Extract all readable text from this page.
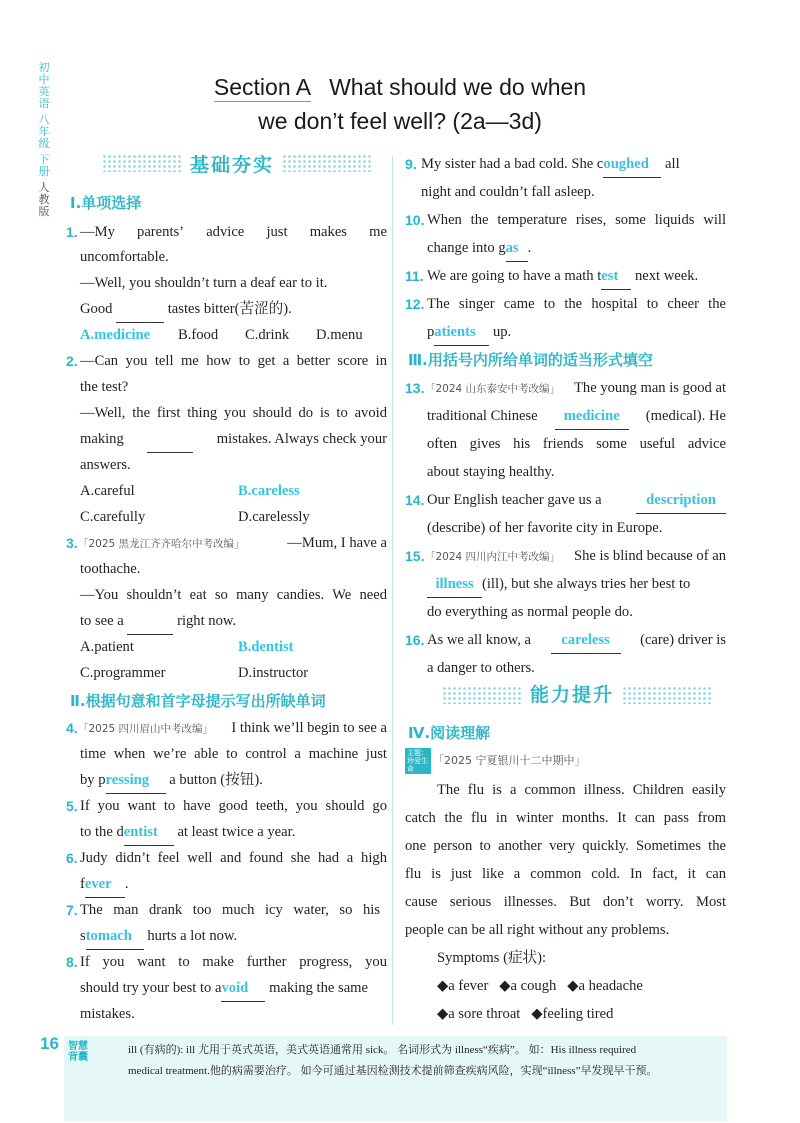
初中英语
八年级
下册
人教版
Section A What should we do when
we don’t feel well? (2a—3d)
基础夯实
Ⅰ.单项选择
1. —My parents’ advice just makes me
uncomfortable.
—Well, you shouldn’t turn a deaf ear to it.
Good	tastes bitter(苦涩的).
A.medicine B.food C.drink D.menu
2. —Can you tell me how to get a better score in
the test?
—Well, the first thing you should do is to avoid
making
	mistakes. Always check your
answers.
A.careful	B.careless
C.carefully	D.carelessly
3. 「2025 黑龙江齐齐哈尔中考改编」	—Mum, I have a
toothache.
—You shouldn’t eat so many candies. We need
to see a	right now.
A.patient	B.dentist
C.programmer	D.instructor
Ⅱ.根据句意和首字母提示写出所缺单词
4. 「2025 四川眉山中考改编」 I think we’ll begin to see a
time when we’re able to control a machine just
by pressing a button (按钮).
5. If you want to have good teeth, you should go
to the dentist at least twice a year.
6. Judy didn’t feel well and found she had a high
fever .
7. The man drank too much icy water, so his
stomach hurts a lot now.
8. If you want to make further progress, you
should try your best to avoid making the same
mistakes.
9. My sister had a bad cold. She coughed all
night and couldn’t fall asleep.
10. When the temperature rises, some liquids will
change into gas .
11. We are going to have a math test next week.
12. The singer came to the hospital to cheer the
patients up.
Ⅲ.用括号内所给单词的适当形式填空
13. 「2024 山东泰安中考改编」 The young man is good at
traditional Chinese	medicine	(medical). He
often gives his friends some useful advice
about staying healthy.
14. Our English teacher gave us a	description
(describe) of her favorite city in Europe.
15. 「2024 四川内江中考改编」 She is blind because of an
illness (ill), but she always tries her best to
do everything as normal people do.
16. As we all know, a	careless	(care) driver is
a danger to others.
能力提升
Ⅳ.阅读理解
主题：珍爱生命
「2025 宁夏银川十二中期中」
The flu is a common illness. Children easily
catch the flu in winter months. It can pass from
one person to another very quickly. Sometimes the
flu is just like a common cold. In fact, it can
cause serious illnesses. But don’t worry. Most
people can be all right without any problems.
Symptoms (症状):
◆a fever ◆a cough ◆a headache
◆a sore throat ◆feeling tired
16 智慧背囊
ill (有病的): ill 尤用于英式英语，美式英语通常用 sick。 名词形式为 illness“疾病”。 如：His illness required
medical treatment.他的病需要治疗。 如今可通过基因检测技术提前筛查疾病风险，实现“illness”早发现早干预。
